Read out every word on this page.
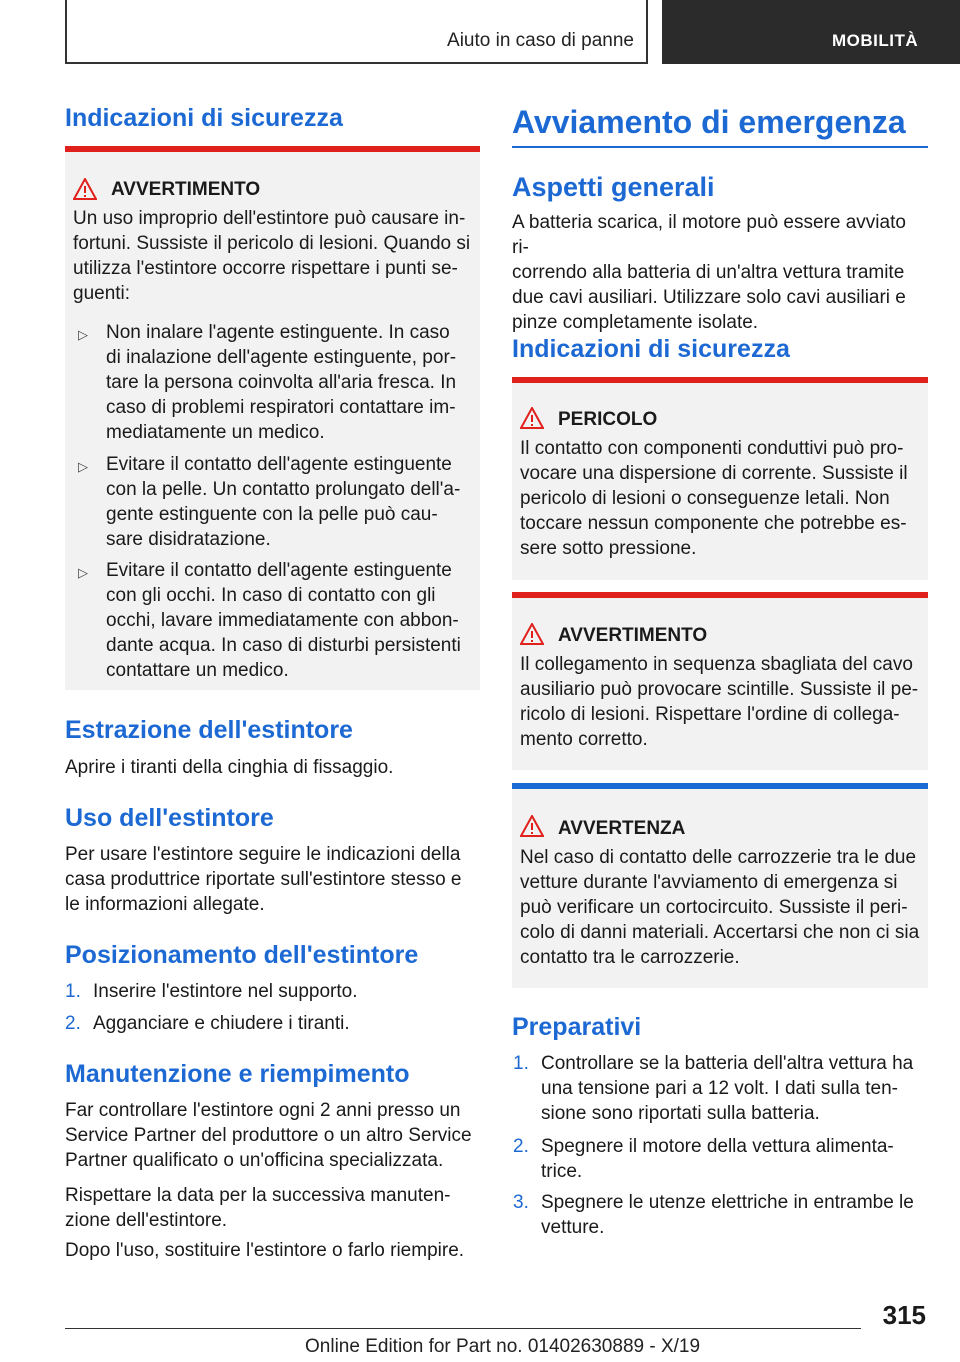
Aiuto in caso di panne	MOBILITÀ
Indicazioni di sicurezza
AVVERTIMENTO
Un uso improprio dell'estintore può causare in-
fortuni. Sussiste il pericolo di lesioni. Quando si
utilizza l'estintore occorre rispettare i punti se-
guenti:
▷ Non inalare l'agente estinguente. In caso
di inalazione dell'agente estinguente, por-
tare la persona coinvolta all'aria fresca. In
caso di problemi respiratori contattare im-
mediatamente un medico.
▷ Evitare il contatto dell'agente estinguente
con la pelle. Un contatto prolungato dell'a-
gente estinguente con la pelle può cau-
sare disidratazione.
▷ Evitare il contatto dell'agente estinguente
con gli occhi. In caso di contatto con gli
occhi, lavare immediatamente con abbon-
dante acqua. In caso di disturbi persistenti
contattare un medico.
Estrazione dell'estintore
Aprire i tiranti della cinghia di fissaggio.
Uso dell'estintore
Per usare l'estintore seguire le indicazioni della
casa produttrice riportate sull'estintore stesso e
le informazioni allegate.
Posizionamento dell'estintore
1. Inserire l'estintore nel supporto.
2. Agganciare e chiudere i tiranti.
Manutenzione e riempimento
Far controllare l'estintore ogni 2 anni presso un
Service Partner del produttore o un altro Service
Partner qualificato o un'officina specializzata.
Rispettare la data per la successiva manuten-
zione dell'estintore.
Dopo l'uso, sostituire l'estintore o farlo riempire.
Avviamento di emergenza
Aspetti generali
A batteria scarica, il motore può essere avviato ri-
correndo alla batteria di un'altra vettura tramite
due cavi ausiliari. Utilizzare solo cavi ausiliari e
pinze completamente isolate.
Indicazioni di sicurezza
PERICOLO
Il contatto con componenti conduttivi può pro-
vocare una dispersione di corrente. Sussiste il
pericolo di lesioni o conseguenze letali. Non
toccare nessun componente che potrebbe es-
sere sotto pressione.
AVVERTIMENTO
Il collegamento in sequenza sbagliata del cavo
ausiliario può provocare scintille. Sussiste il pe-
ricolo di lesioni. Rispettare l'ordine di collega-
mento corretto.
AVVERTENZA
Nel caso di contatto delle carrozzerie tra le due
vetture durante l'avviamento di emergenza si
può verificare un cortocircuito. Sussiste il peri-
colo di danni materiali. Accertarsi che non ci sia
contatto tra le carrozzerie.
Preparativi
1. Controllare se la batteria dell'altra vettura ha
una tensione pari a 12 volt. I dati sulla ten-
sione sono riportati sulla batteria.
2. Spegnere il motore della vettura alimenta-
trice.
3. Spegnere le utenze elettriche in entrambe le
vetture.
315
Online Edition for Part no. 01402630889 - X/19
